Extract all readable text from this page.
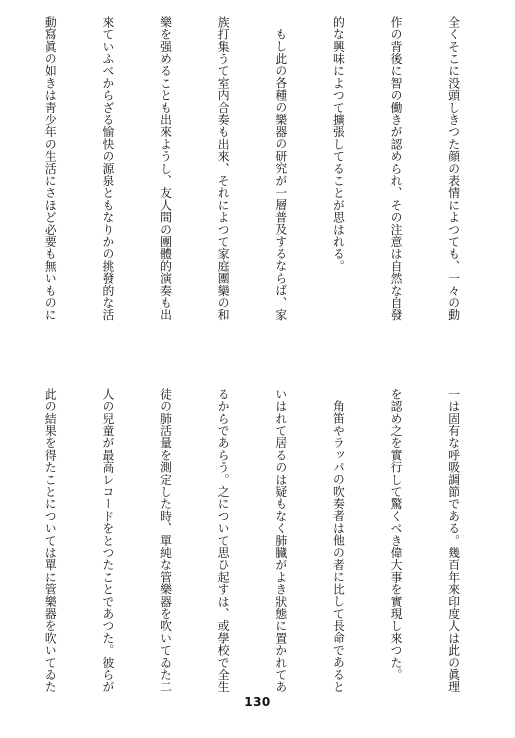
全くそこに没頭しきつた顔の表情によつても、一々の動

作の背後に智の働きが認められ、その注意は自然な自發

的な興味によつて擴張してることが思はれる。

もし此の各種の樂器の研究が一層普及するならば、家

族打集うて室内合奏も出來、それによつて家庭團欒の和

樂を强めることも出來ようし、友人間の團體的演奏も出

來ていふべからざる愉快の源泉ともなりかの挑發的な活

動寫眞の如きは靑少年の生活にさほど必要も無いものに

一は固有な呼吸調節である。幾百年來印度人は此の眞理

を認め之を實行して驚くべき偉大事を實現し來つた。

角笛やラッパの吹奏者は他の者に比して長命であると

いはれて居るのは疑もなく肺臓がよき狀態に置かれてあ

るからであらう。之について思ひ起すは、或學校で全生

徒の肺活量を測定した時、單純な管樂器を吹いてゐた二

人の兒童が最高レコードをとつたことであつた。彼らが

此の結果を得たことについては單に管樂器を吹いてゐた

130
